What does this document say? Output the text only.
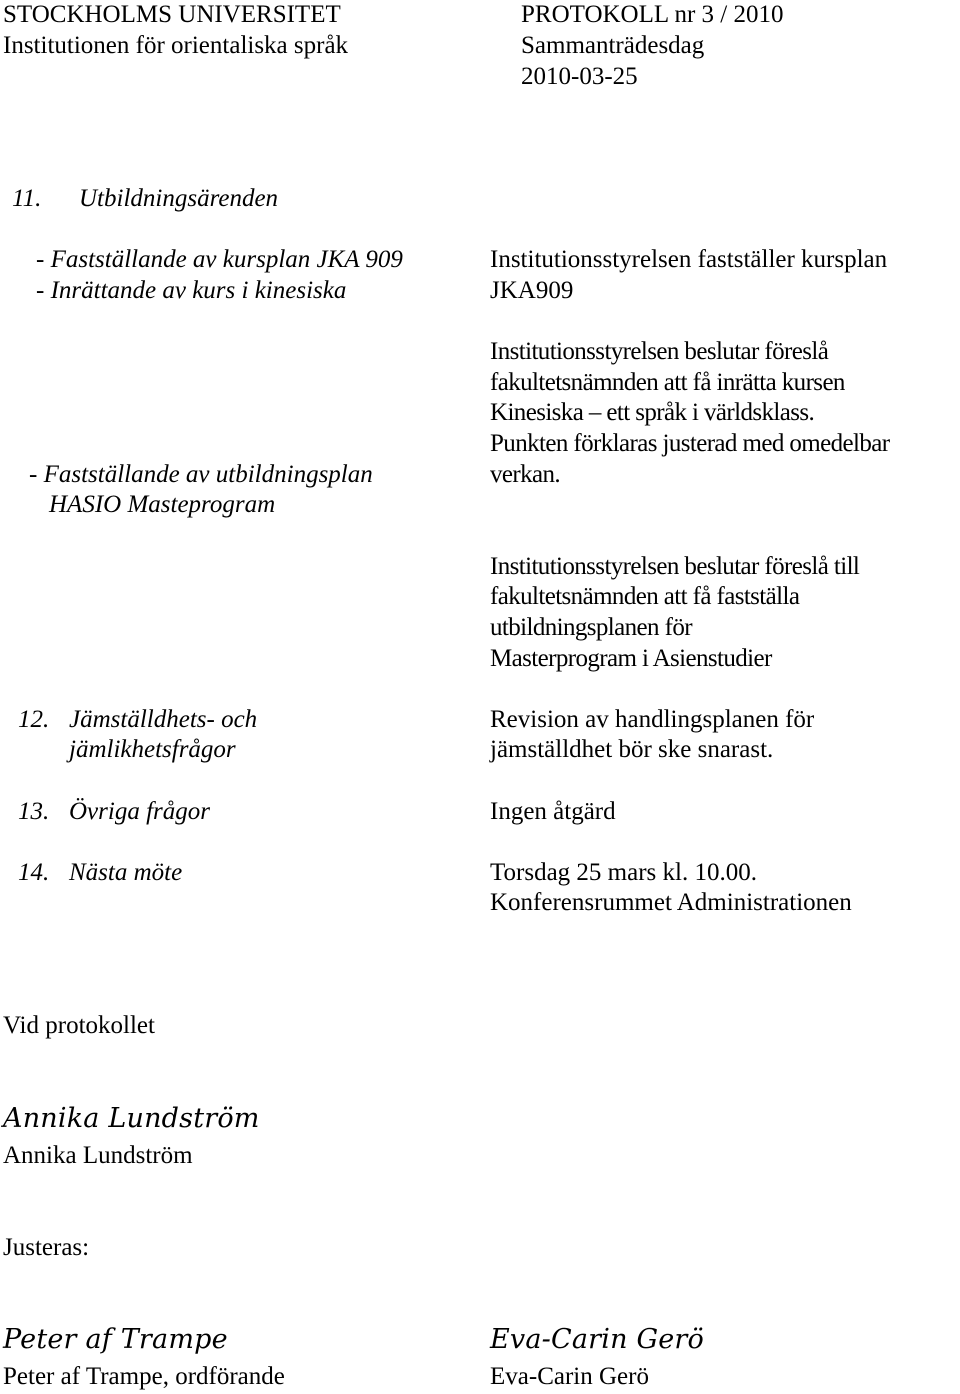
STOCKHOLMS UNIVERSITET
Institutionen för orientaliska språk
PROTOKOLL nr 3 / 2010
Sammanträdesdag
2010-03-25
11. Utbildningsärenden
- Fastställande av kursplan JKA 909
- Inrättande av kurs i kinesiska
- Fastställande av utbildningsplan
HASIO Masteprogram
Institutionsstyrelsen fastställer kursplan
JKA909
Institutionsstyrelsen beslutar föreslå
fakultetsnämnden att få inrätta kursen
Kinesiska – ett språk i världsklass.
Punkten förklaras justerad med omedelbar
verkan.
Institutionsstyrelsen beslutar föreslå till
fakultetsnämnden att få fastställa
utbildningsplanen för
Masterprogram i Asienstudier
12. Jämställdhets- och
jämlikhetsfrågor
Revision av handlingsplanen för
jämställdhet bör ske snarast.
13. Övriga frågor	Ingen åtgärd
14. Nästa möte	Torsdag 25 mars kl. 10.00.
Konferensrummet Administrationen
Vid protokollet
Annika Lundström
Annika Lundström
Justeras:
Peter af Trampe
Peter af Trampe, ordförande
Eva-Carin Gerö
Eva-Carin Gerö
